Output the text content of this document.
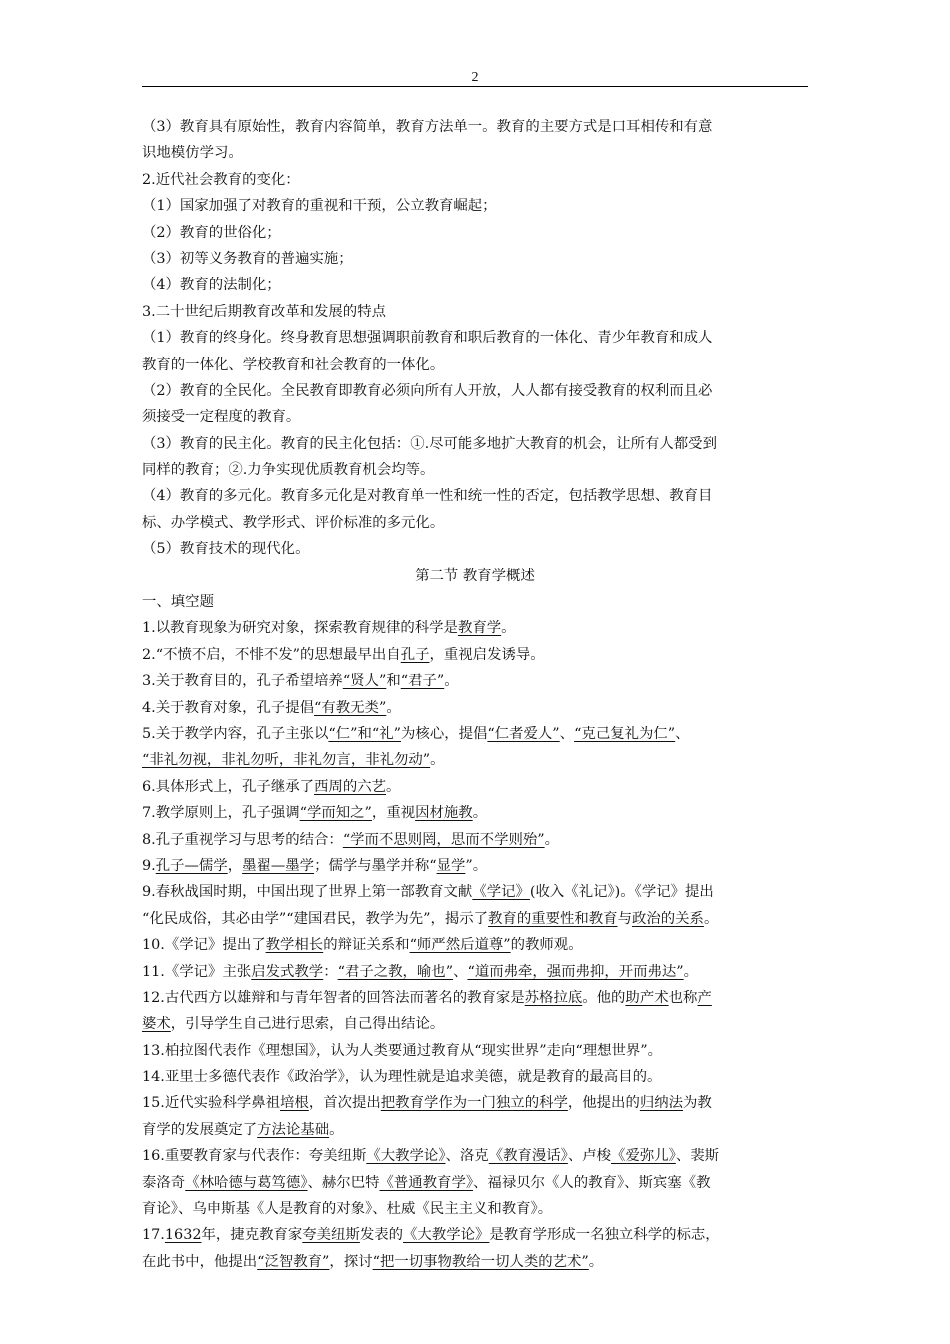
2
（3）教育具有原始性，教育内容简单，教育方法单一。教育的主要方式是口耳相传和有意
识地模仿学习。
2.近代社会教育的变化：
（1）国家加强了对教育的重视和干预，公立教育崛起；
（2）教育的世俗化；
（3）初等义务教育的普遍实施；
（4）教育的法制化；
3.二十世纪后期教育改革和发展的特点
（1）教育的终身化。终身教育思想强调职前教育和职后教育的一体化、青少年教育和成人
教育的一体化、学校教育和社会教育的一体化。
（2）教育的全民化。全民教育即教育必须向所有人开放，人人都有接受教育的权利而且必
须接受一定程度的教育。
（3）教育的民主化。教育的民主化包括：①.尽可能多地扩大教育的机会，让所有人都受到
同样的教育；②.力争实现优质教育机会均等。
（4）教育的多元化。教育多元化是对教育单一性和统一性的否定，包括教学思想、教育目
标、办学模式、教学形式、评价标准的多元化。
（5）教育技术的现代化。
第二节 教育学概述
一、填空题
1.以教育现象为研究对象，探索教育规律的科学是教育学。
2.“不愤不启，不悱不发”的思想最早出自孔子，重视启发诱导。
3.关于教育目的，孔子希望培养“贤人”和“君子”。
4.关于教育对象，孔子提倡“有教无类”。
5.关于教学内容，孔子主张以“仁”和“礼”为核心，提倡“仁者爱人”、“克己复礼为仁”、
“非礼勿视，非礼勿听，非礼勿言，非礼勿动”。
6.具体形式上，孔子继承了西周的六艺。
7.教学原则上，孔子强调“学而知之”，重视因材施教。
8.孔子重视学习与思考的结合：“学而不思则罔，思而不学则殆”。
9.孔子—儒学，墨翟—墨学；儒学与墨学并称“显学”。
9.春秋战国时期，中国出现了世界上第一部教育文献《学记》(收入《礼记》)。《学记》提出
“化民成俗，其必由学”“建国君民，教学为先”，揭示了教育的重要性和教育与政治的关系。
10.《学记》提出了教学相长的辩证关系和“师严然后道尊”的教师观。
11.《学记》主张启发式教学：“君子之教，喻也”、“道而弗牵，强而弗抑，开而弗达”。
12.古代西方以雄辩和与青年智者的回答法而著名的教育家是苏格拉底。他的助产术也称产
婆术，引导学生自己进行思索，自己得出结论。
13.柏拉图代表作《理想国》，认为人类要通过教育从“现实世界”走向“理想世界”。
14.亚里士多德代表作《政治学》，认为理性就是追求美德，就是教育的最高目的。
15.近代实验科学鼻祖培根，首次提出把教育学作为一门独立的科学，他提出的归纳法为教
育学的发展奠定了方法论基础。
16.重要教育家与代表作：夸美纽斯《大教学论》、洛克《教育漫话》、卢梭《爱弥儿》、裴斯
泰洛奇《林哈德与葛笃德》、赫尔巴特《普通教育学》、福禄贝尔《人的教育》、斯宾塞《教
育论》、乌申斯基《人是教育的对象》、杜威《民主主义和教育》。
17.1632年，捷克教育家夸美纽斯发表的《大教学论》是教育学形成一名独立科学的标志，
在此书中，他提出“泛智教育”，探讨“把一切事物教给一切人类的艺术”。
